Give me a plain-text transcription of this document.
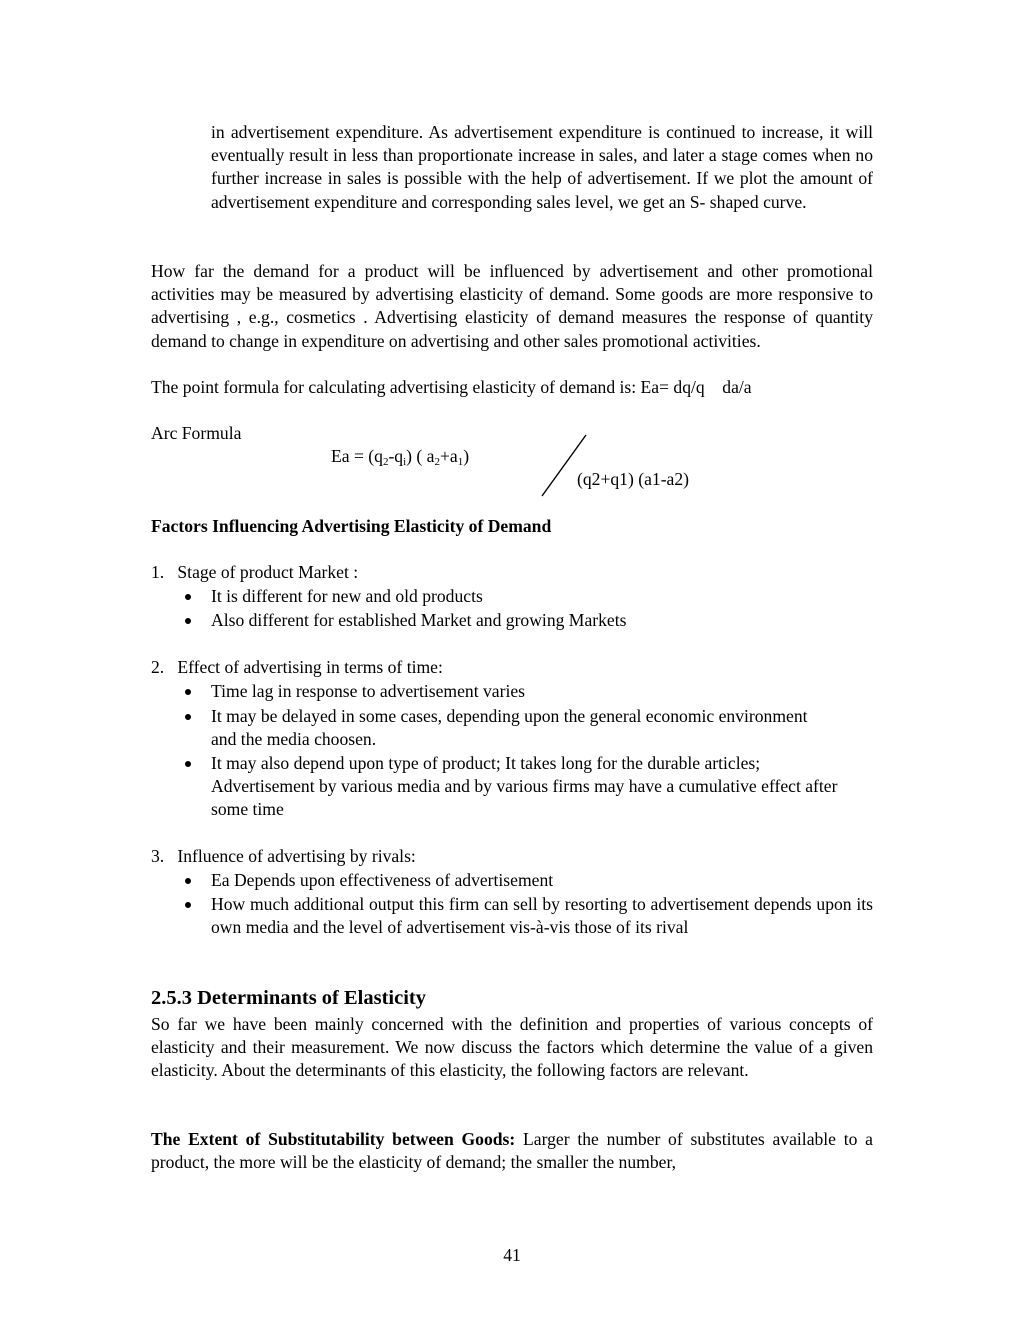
in advertisement expenditure. As advertisement expenditure is continued to increase, it will eventually result in less than proportionate increase in sales, and later a stage comes when no further increase in sales is possible with the help of advertisement. If we plot the amount of advertisement expenditure and corresponding sales level, we get an S- shaped curve.

How far the demand for a product will be influenced by advertisement and other promotional activities may be measured by advertising elasticity of demand. Some goods are more responsive to advertising , e.g., cosmetics . Advertising elasticity of demand measures the response of quantity demand to change in expenditure on advertising and other sales promotional activities.

The point formula for calculating advertising elasticity of demand is: Ea= dq/q    da/a
Arc Formula
$Ea = (q_2-q_i)$ ( $a_2+a_1$)
(q2+q1) (a1-a2)
Factors Influencing Advertising Elasticity of Demand
1.   Stage of product Market :
It is different for new and old products
Also different for established Market and growing Markets
2.   Effect of advertising in terms of time:
Time lag in response to advertisement varies
It may be delayed in some cases, depending upon the general economic environment and the media choosen.
It may also depend upon type of product; It takes long for the durable articles; Advertisement by various media and by various firms may have a cumulative effect after some time
3.   Influence of advertising by rivals:
Ea Depends upon effectiveness of advertisement
How much additional output this firm can sell by resorting to advertisement depends upon its own media and the level of advertisement vis-à-vis those of its rival
2.5.3 Determinants of Elasticity

So far we have been mainly concerned with the definition and properties of various concepts of elasticity and their measurement. We now discuss the factors which determine the value of a given elasticity. About the determinants of this elasticity, the following factors are relevant.

The Extent of Substitutability between Goods: Larger the number of substitutes available to a product, the more will be the elasticity of demand; the smaller the number,

41
